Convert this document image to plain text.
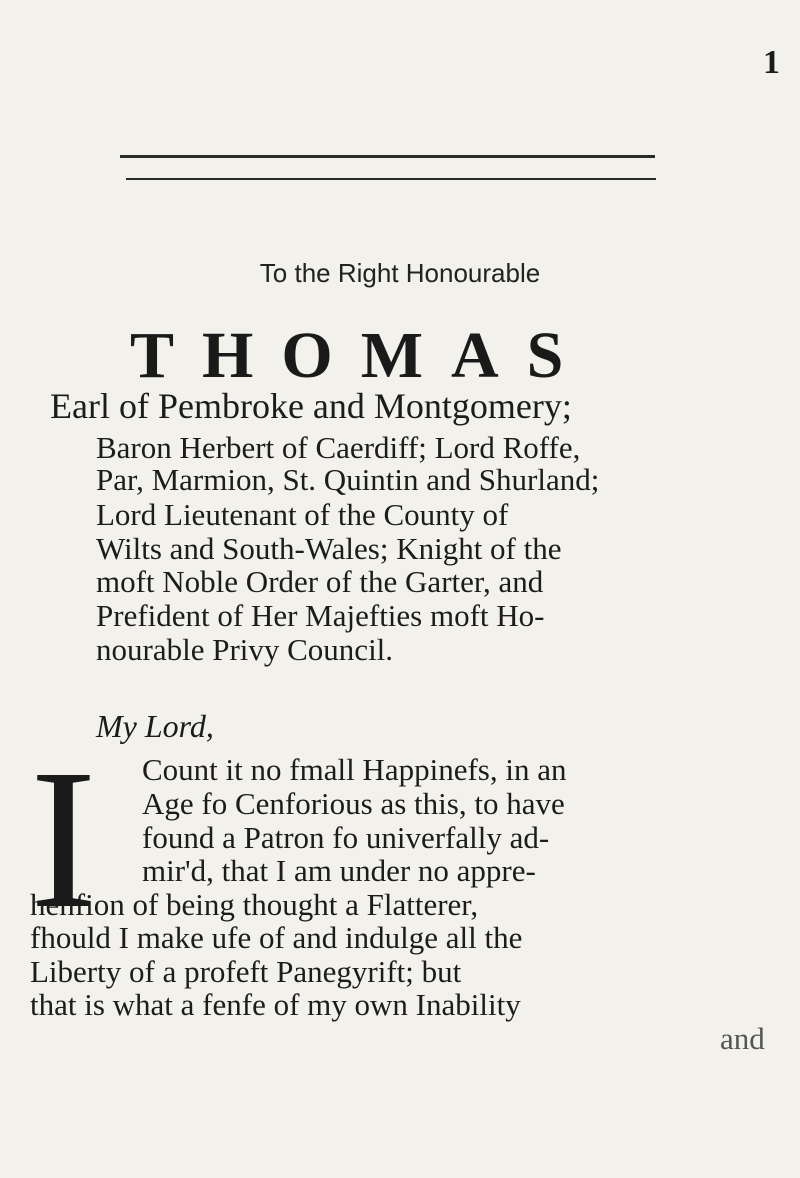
1
To the Right Honourable
THOMAS
Earl of Pembroke and Montgomery;
Baron Herbert of Caerdiff; Lord Roffe,
Par, Marmion, St. Quintin and Shurland;
Lord Lieutenant of the County of
Wilts and South-Wales; Knight of the
moft Noble Order of the Garter, and
Prefident of Her Majefties moft Ho-
nourable Privy Council.
My Lord,
I Count it no fmall Happinefs, in an
Age fo Cenforious as this, to have
found a Patron fo univerfally ad-
mir'd, that I am under no appre-
henfion of being thought a Flatterer,
fhould I make ufe of and indulge all the
Liberty of a profeft Panegyrift; but
that is what a fenfe of my own Inability
and
